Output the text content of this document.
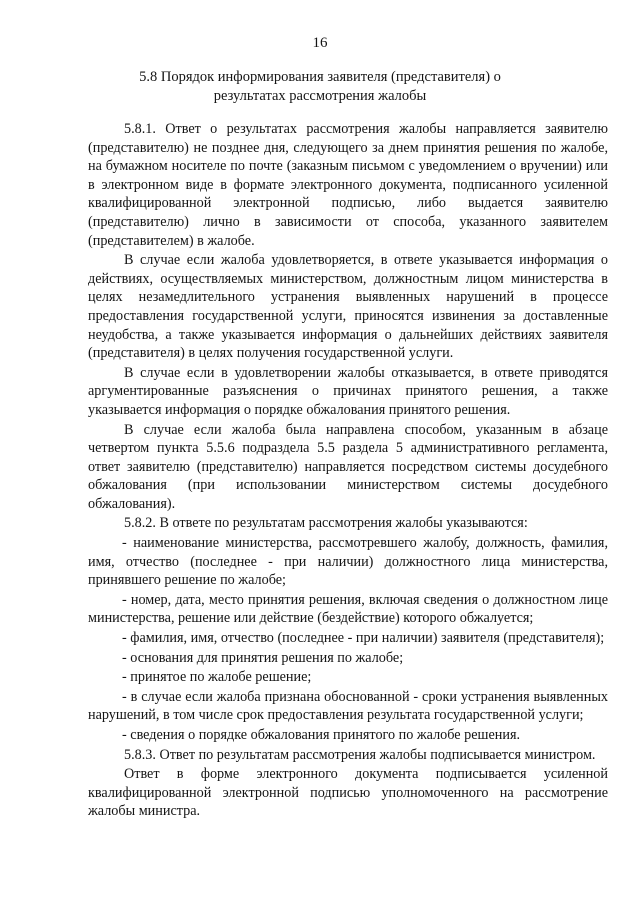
16
5.8 Порядок информирования заявителя (представителя) о результатах рассмотрения жалобы

5.8.1. Ответ о результатах рассмотрения жалобы направляется заявителю (представителю) не позднее дня, следующего за днем принятия решения по жалобе, на бумажном носителе по почте (заказным письмом с уведомлением о вручении) или в электронном виде в формате электронного документа, подписанного усиленной квалифицированной электронной подписью, либо выдается заявителю (представителю) лично в зависимости от способа, указанного заявителем (представителем) в жалобе.

В случае если жалоба удовлетворяется, в ответе указывается информация о действиях, осуществляемых министерством, должностным лицом министерства в целях незамедлительного устранения выявленных нарушений в процессе предоставления государственной услуги, приносятся извинения за доставленные неудобства, а также указывается информация о дальнейших действиях заявителя (представителя) в целях получения государственной услуги.

В случае если в удовлетворении жалобы отказывается, в ответе приводятся аргументированные разъяснения о причинах принятого решения, а также указывается информация о порядке обжалования принятого решения.

В случае если жалоба была направлена способом, указанным в абзаце четвертом пункта 5.5.6 подраздела 5.5 раздела 5 административного регламента, ответ заявителю (представителю) направляется посредством системы досудебного обжалования (при использовании министерством системы досудебного обжалования).

5.8.2. В ответе по результатам рассмотрения жалобы указываются:

- наименование министерства, рассмотревшего жалобу, должность, фамилия, имя, отчество (последнее - при наличии) должностного лица министерства, принявшего решение по жалобе;

- номер, дата, место принятия решения, включая сведения о должностном лице министерства, решение или действие (бездействие) которого обжалуется;

- фамилия, имя, отчество (последнее - при наличии) заявителя (представителя);

- основания для принятия решения по жалобе;

- принятое по жалобе решение;

- в случае если жалоба признана обоснованной - сроки устранения выявленных нарушений, в том числе срок предоставления результата государственной услуги;

- сведения о порядке обжалования принятого по жалобе решения.

5.8.3. Ответ по результатам рассмотрения жалобы подписывается министром.

Ответ в форме электронного документа подписывается усиленной квалифицированной электронной подписью уполномоченного на рассмотрение жалобы министра.
